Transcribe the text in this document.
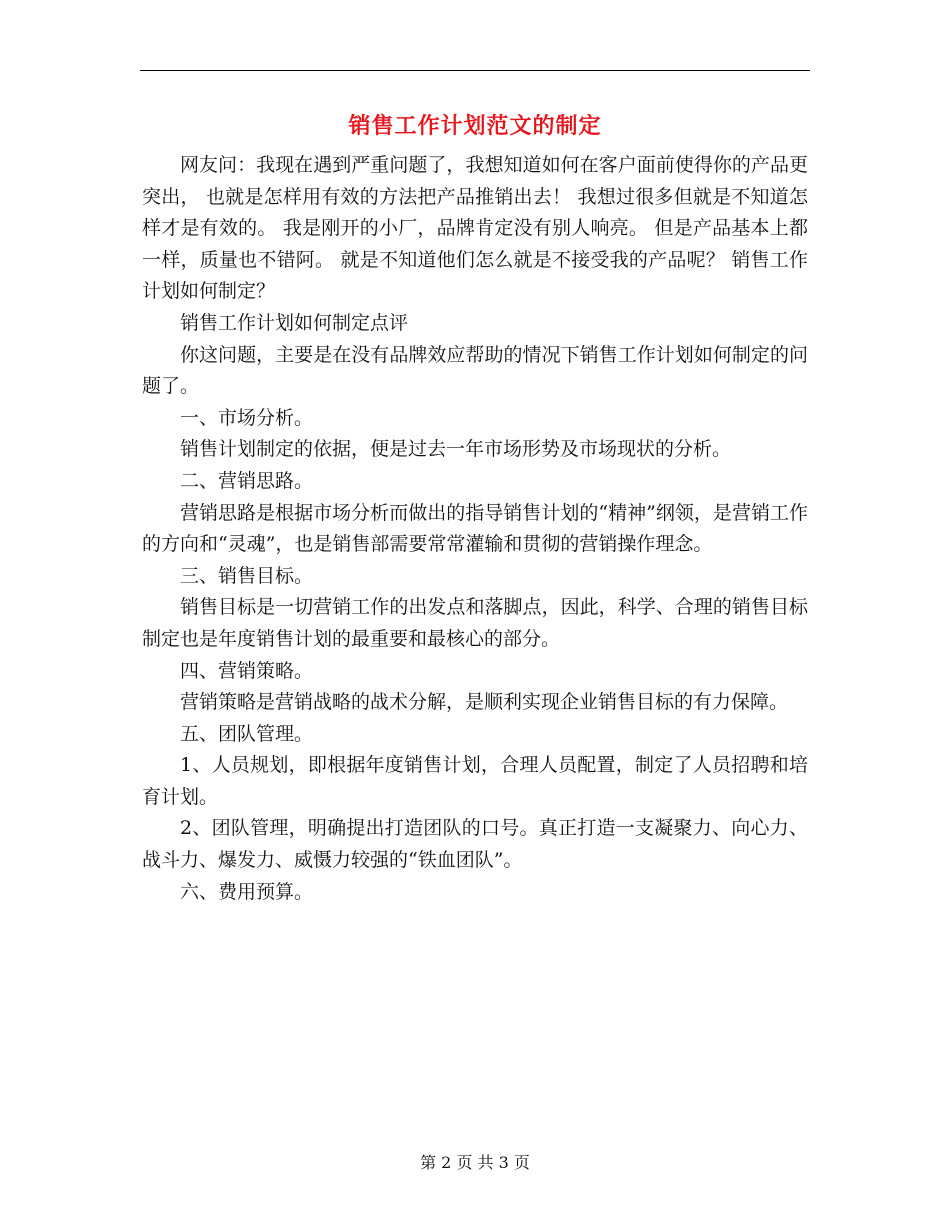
销售工作计划范文的制定

网友问：我现在遇到严重问题了，我想知道如何在客户面前使得你的产品更突出， 也就是怎样用有效的方法把产品推销出去！ 我想过很多但就是不知道怎样才是有效的。 我是刚开的小厂，品牌肯定没有别人响亮。 但是产品基本上都一样，质量也不错阿。 就是不知道他们怎么就是不接受我的产品呢？ 销售工作计划如何制定？

销售工作计划如何制定点评

你这问题，主要是在没有品牌效应帮助的情况下销售工作计划如何制定的问题了。

一、市场分析。

销售计划制定的依据，便是过去一年市场形势及市场现状的分析。

二、营销思路。

营销思路是根据市场分析而做出的指导销售计划的“精神”纲领，是营销工作的方向和“灵魂”，也是销售部需要常常灌输和贯彻的营销操作理念。

三、销售目标。

销售目标是一切营销工作的出发点和落脚点，因此，科学、合理的销售目标制定也是年度销售计划的最重要和最核心的部分。

四、营销策略。

营销策略是营销战略的战术分解，是顺利实现企业销售目标的有力保障。

五、团队管理。

1、人员规划，即根据年度销售计划，合理人员配置，制定了人员招聘和培育计划。

2、团队管理，明确提出打造团队的口号。真正打造一支凝聚力、向心力、战斗力、爆发力、威慑力较强的“铁血团队”。

六、费用预算。

第 2 页 共 3 页
